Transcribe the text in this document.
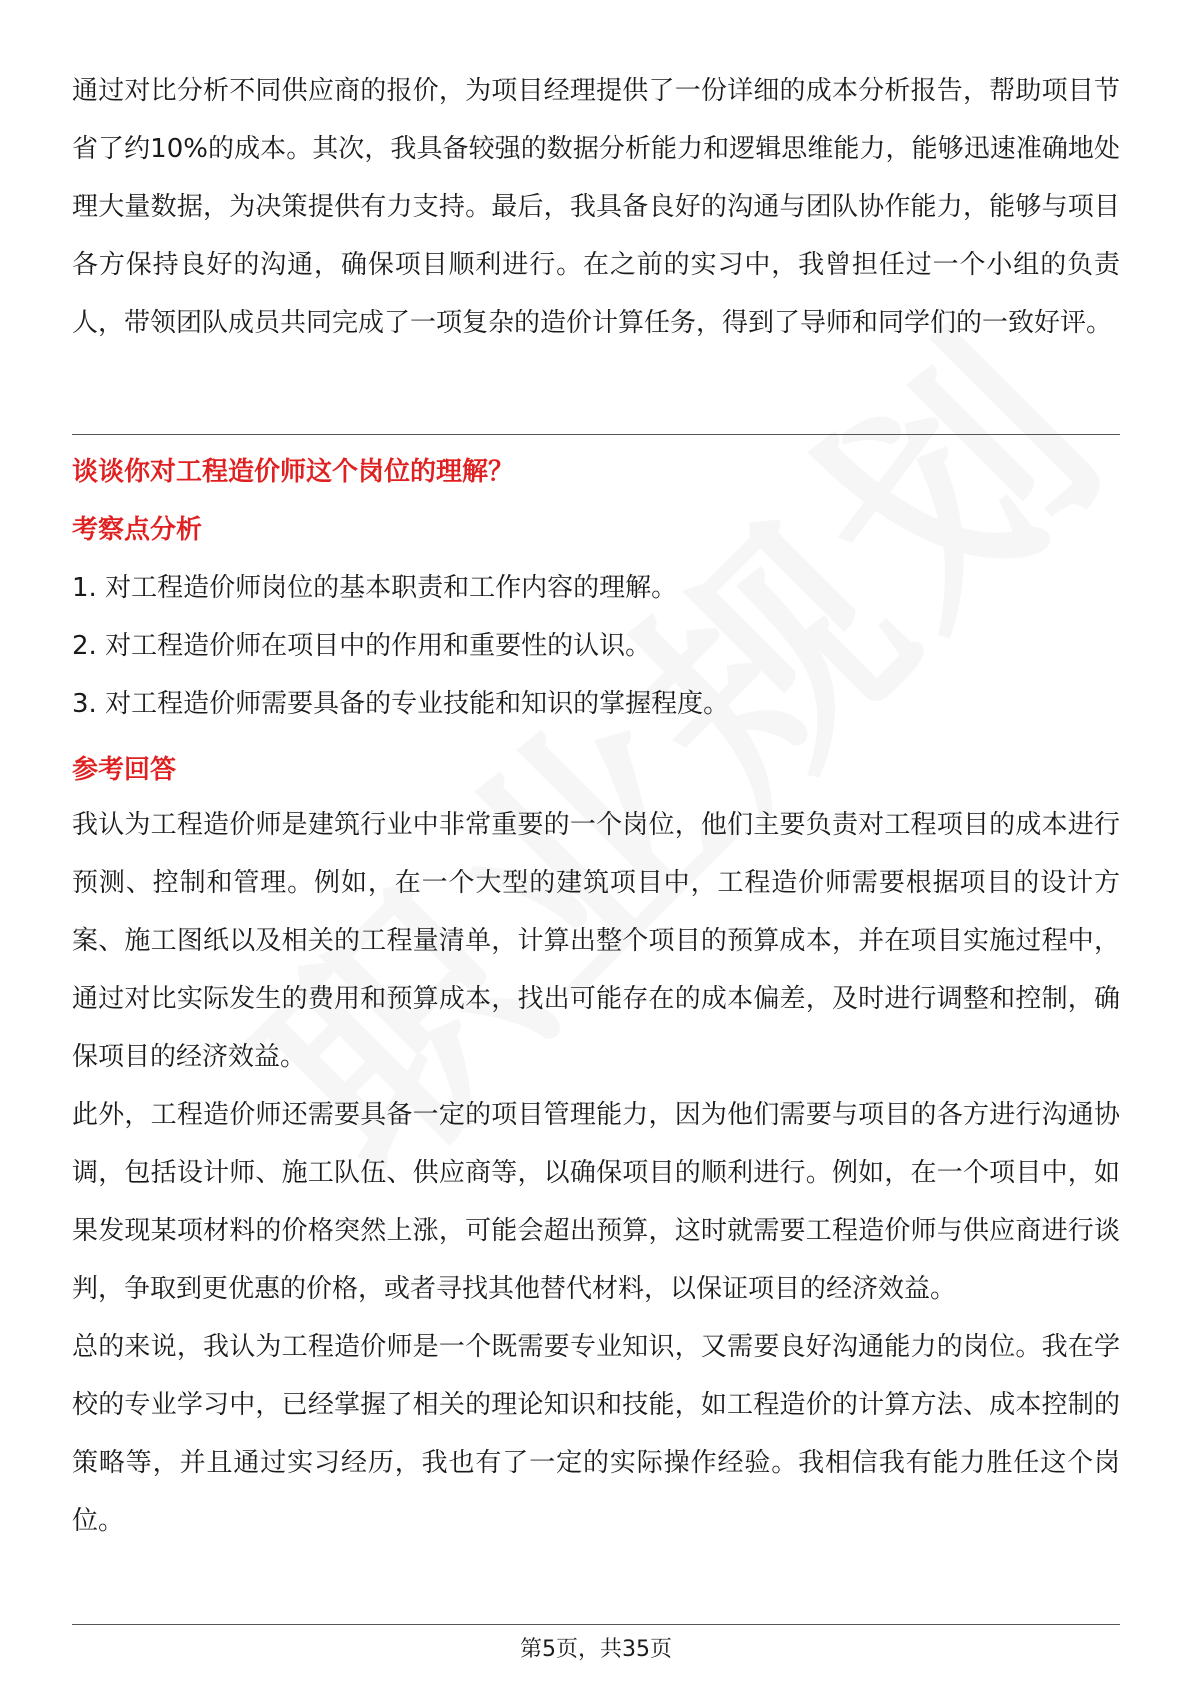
通过对比分析不同供应商的报价，为项目经理提供了一份详细的成本分析报告，帮助项目节省了约10%的成本。其次，我具备较强的数据分析能力和逻辑思维能力，能够迅速准确地处理大量数据，为决策提供有力支持。最后，我具备良好的沟通与团队协作能力，能够与项目各方保持良好的沟通，确保项目顺利进行。在之前的实习中，我曾担任过一个小组的负责人，带领团队成员共同完成了一项复杂的造价计算任务，得到了导师和同学们的一致好评。
谈谈你对工程造价师这个岗位的理解？
考察点分析
1. 对工程造价师岗位的基本职责和工作内容的理解。
2. 对工程造价师在项目中的作用和重要性的认识。
3. 对工程造价师需要具备的专业技能和知识的掌握程度。
参考回答

我认为工程造价师是建筑行业中非常重要的一个岗位，他们主要负责对工程项目的成本进行预测、控制和管理。例如，在一个大型的建筑项目中，工程造价师需要根据项目的设计方案、施工图纸以及相关的工程量清单，计算出整个项目的预算成本，并在项目实施过程中，通过对比实际发生的费用和预算成本，找出可能存在的成本偏差，及时进行调整和控制，确保项目的经济效益。

此外，工程造价师还需要具备一定的项目管理能力，因为他们需要与项目的各方进行沟通协调，包括设计师、施工队伍、供应商等，以确保项目的顺利进行。例如，在一个项目中，如果发现某项材料的价格突然上涨，可能会超出预算，这时就需要工程造价师与供应商进行谈判，争取到更优惠的价格，或者寻找其他替代材料，以保证项目的经济效益。

总的来说，我认为工程造价师是一个既需要专业知识，又需要良好沟通能力的岗位。我在学校的专业学习中，已经掌握了相关的理论知识和技能，如工程造价的计算方法、成本控制的策略等，并且通过实习经历，我也有了一定的实际操作经验。我相信我有能力胜任这个岗位。

第5页，共35页
